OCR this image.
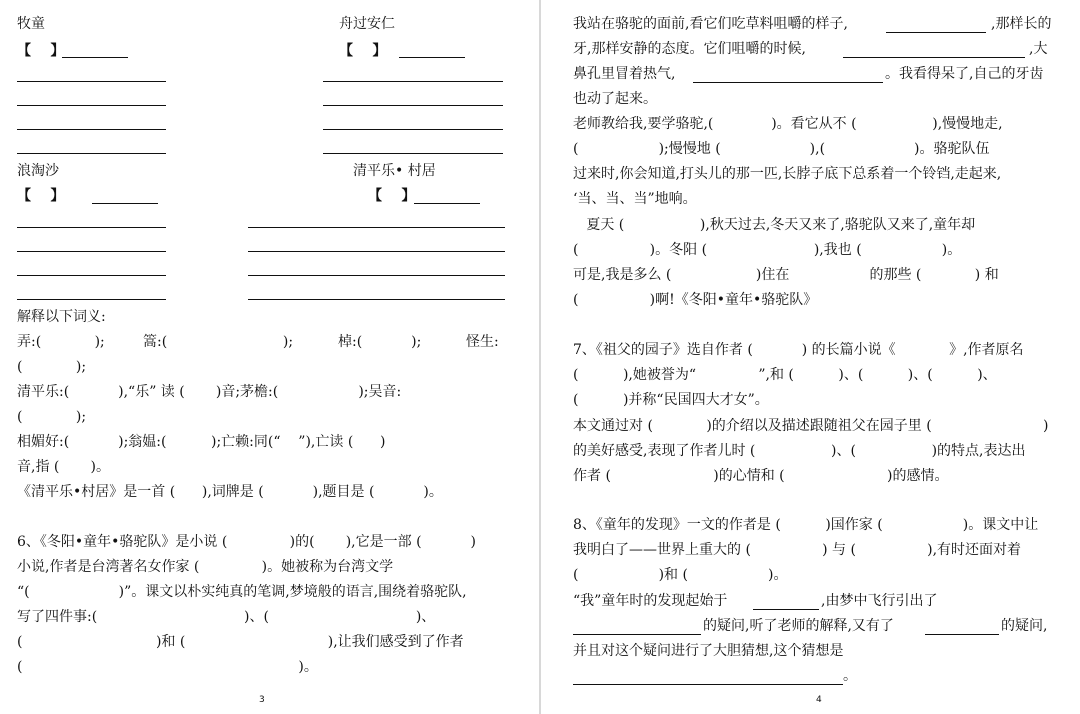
牧童
【    】
舟过安仁
【    】
浪淘沙
【    】
清平乐• 村居
【    】
解释以下词义:
弄:(            );	篙:(                          );	棹:(           );	怪生:
(            );
清平乐:(           ),“乐” 读 (       )音;茅檐:(                  );吴音:
(            );
相媚好:(           );翁媪:(          );亡赖:同(“    ”),亡读 (      )
音,指 (       )。
《清平乐•村居》是一首 (      ),词牌是 (           ),题目是 (           )。
6、《冬阳•童年•骆驼队》是小说 (              )的(       ),它是一部 (           )
小说,作者是台湾著名女作家 (              )。她被称为台湾文学
“(                    )”。课文以朴实纯真的笔调,梦境般的语言,围绕着骆驼队,
写了四件事:(                                 )、(                                 )、
(                              )和 (                                ),让我们感受到了作者
(                                                              )。
3
我站在骆驼的面前,看它们吃草料咀嚼的样子,	,那样长的
牙,那样安静的态度。它们咀嚼的时候,	,大
鼻孔里冒着热气,	。我看得呆了,自己的牙齿
也动了起来。
老师教给我,要学骆驼,(             )。看它从不 (                 ),慢慢地走,
(                  );慢慢地 (                    ),(                    )。骆驼队伍
过来时,你会知道,打头儿的那一匹,长脖子底下总系着一个铃铛,走起来,
‘当、当、当”地响。
夏天 (                 ),秋天过去,冬天又来了,骆驼队又来了,童年却
(                )。冬阳 (                        ),我也 (                  )。
可是,我是多么 (                   )住在                  的那些 (            ) 和
(                )啊!《冬阳•童年•骆驼队》
7、《祖父的园子》选自作者 (           ) 的长篇小说《            》,作者原名
(          ),她被誉为“              ”,和 (          )、(          )、(          )、
(          )并称“民国四大才女”。
本文通过对 (            )的介绍以及描述跟随祖父在园子里 (                         )
的美好感受,表现了作者儿时 (                 )、(                 )的特点,表达出
作者 (                       )的心情和 (                       )的感情。
8、《童年的发现》一文的作者是 (          )国作家 (                  )。课文中让
我明白了——世界上重大的 (                ) 与 (                ),有时还面对着
(                  )和 (                  )。
“我”童年时的发现起始于	,由梦中飞行引出了
的疑问,听了老师的解释,又有了	的疑问,
并且对这个疑问进行了大胆猜想,这个猜想是
。
4
